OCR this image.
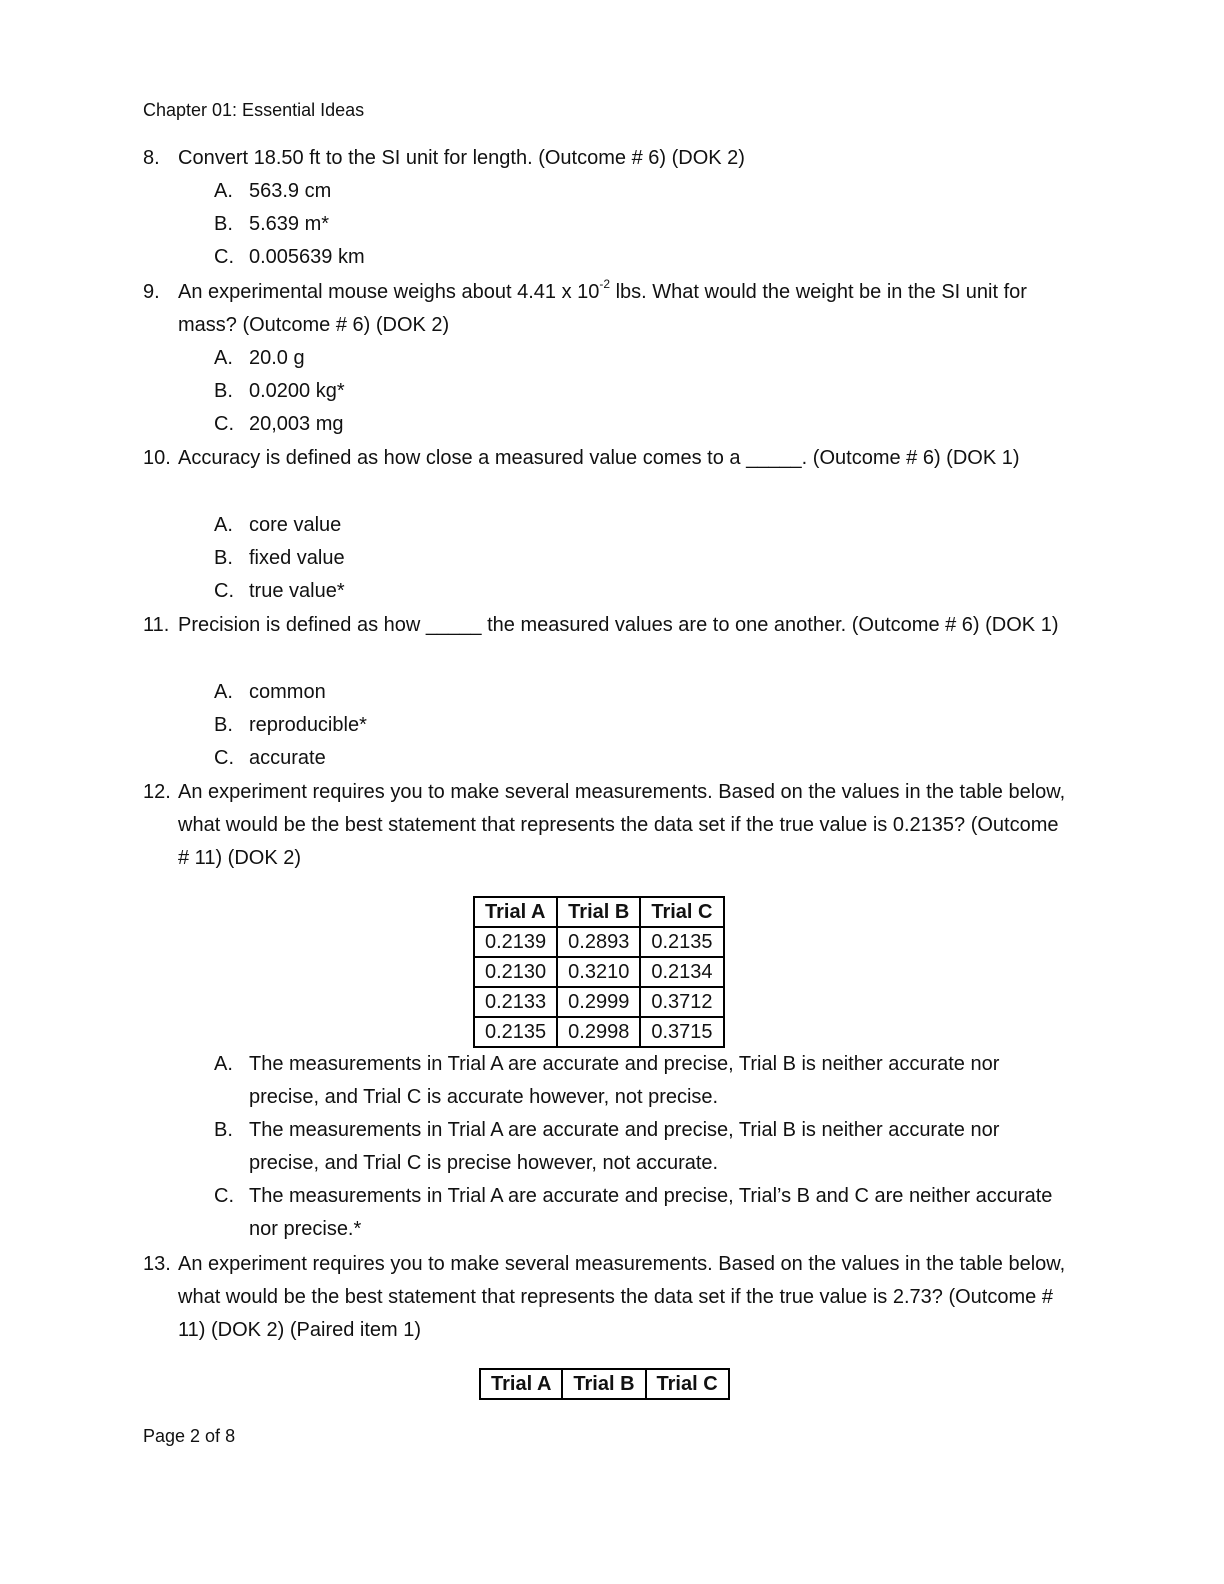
Chapter 01: Essential Ideas
8. Convert 18.50 ft to the SI unit for length. (Outcome # 6) (DOK 2)
A. 563.9 cm
B. 5.639 m*
C. 0.005639 km
9. An experimental mouse weighs about 4.41 x $10^{-2}$ lbs. What would the weight be in the SI unit for mass? (Outcome # 6) (DOK 2)
A. 20.0 g
B. 0.0200 kg*
C. 20,003 mg
10. Accuracy is defined as how close a measured value comes to a _____. (Outcome # 6) (DOK 1)
A. core value
B. fixed value
C. true value*
11. Precision is defined as how _____ the measured values are to one another. (Outcome # 6) (DOK 1)
A. common
B. reproducible*
C. accurate
12. An experiment requires you to make several measurements. Based on the values in the table below, what would be the best statement that represents the data set if the true value is 0.2135? (Outcome # 11) (DOK 2)
Trial A	Trial B	Trial C
0.2139	0.2893	0.2135
0.2130	0.3210	0.2134
0.2133	0.2999	0.3712
0.2135	0.2998	0.3715
A. The measurements in Trial A are accurate and precise, Trial B is neither accurate nor precise, and Trial C is accurate however, not precise.
B. The measurements in Trial A are accurate and precise, Trial B is neither accurate nor precise, and Trial C is precise however, not accurate.
C. The measurements in Trial A are accurate and precise, Trial’s B and C are neither accurate nor precise.*
13. An experiment requires you to make several measurements. Based on the values in the table below, what would be the best statement that represents the data set if the true value is 2.73? (Outcome # 11) (DOK 2) (Paired item 1)
Trial A	Trial B	Trial C
Page 2 of 8
